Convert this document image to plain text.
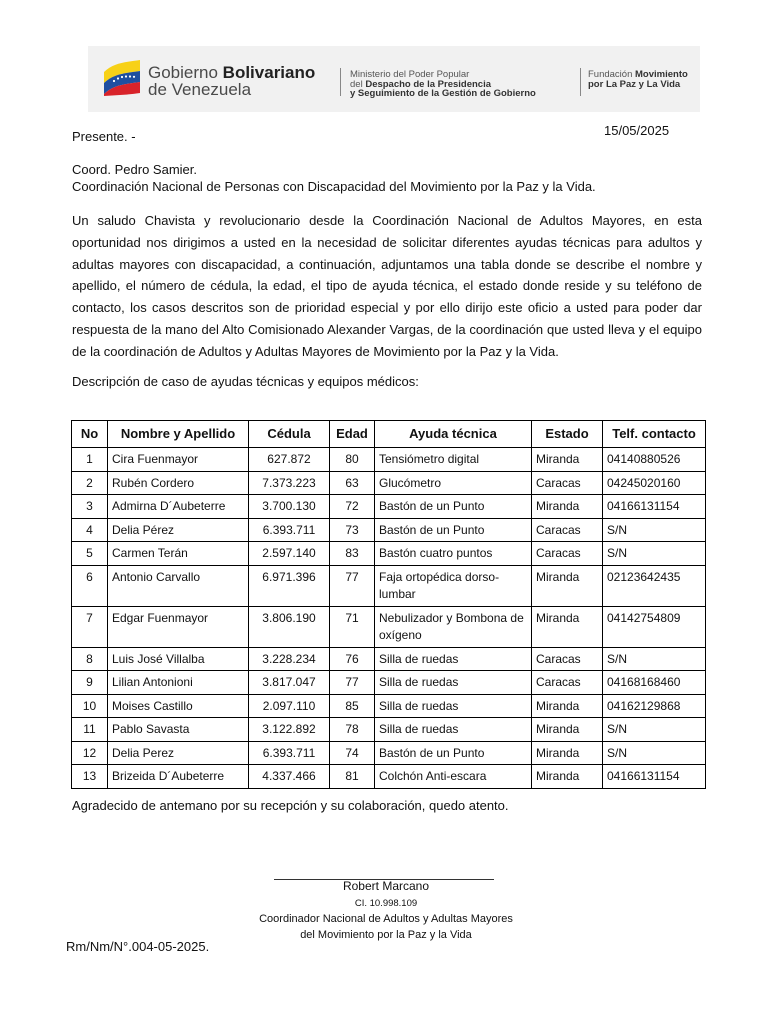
Gobierno Bolivariano
de Venezuela
Ministerio del Poder Popular
del Despacho de la Presidencia
y Seguimiento de la Gestión de Gobierno
Fundación Movimiento
por La Paz y La Vida
Presente. -	15/05/2025
Coord. Pedro Samier.
Coordinación Nacional de Personas con Discapacidad del Movimiento por la Paz y la Vida.
Un saludo Chavista y revolucionario desde la Coordinación Nacional de Adultos Mayores, en esta oportunidad nos dirigimos a usted en la necesidad de solicitar diferentes ayudas técnicas para adultos y adultas mayores con discapacidad, a continuación, adjuntamos una tabla donde se describe el nombre y apellido, el número de cédula, la edad, el tipo de ayuda técnica, el estado donde reside y su teléfono de contacto, los casos descritos son de prioridad especial y por ello dirijo este oficio a usted para poder dar respuesta de la mano del Alto Comisionado Alexander Vargas, de la coordinación que usted lleva y el equipo de la coordinación de Adultos y Adultas Mayores de Movimiento por la Paz y la Vida.
Descripción de caso de ayudas técnicas y equipos médicos:
No	Nombre y Apellido	Cédula	Edad	Ayuda técnica	Estado	Telf. contacto
1	Cira Fuenmayor	627.872	80	Tensiómetro digital	Miranda	04140880526
2	Rubén Cordero	7.373.223	63	Glucómetro	Caracas	04245020160
3	Admirna D´Aubeterre	3.700.130	72	Bastón de un Punto	Miranda	04166131154
4	Delia Pérez	6.393.711	73	Bastón de un Punto	Caracas	S/N
5	Carmen Terán	2.597.140	83	Bastón cuatro puntos	Caracas	S/N
6	Antonio Carvallo	6.971.396	77	Faja ortopédica dorso-lumbar	Miranda	02123642435
7	Edgar Fuenmayor	3.806.190	71	Nebulizador y Bombona de oxígeno	Miranda	04142754809
8	Luis José Villalba	3.228.234	76	Silla de ruedas	Caracas	S/N
9	Lilian Antonioni	3.817.047	77	Silla de ruedas	Caracas	04168168460
10	Moises Castillo	2.097.110	85	Silla de ruedas	Miranda	04162129868
11	Pablo Savasta	3.122.892	78	Silla de ruedas	Miranda	S/N
12	Delia Perez	6.393.711	74	Bastón de un Punto	Miranda	S/N
13	Brizeida D´Aubeterre	4.337.466	81	Colchón Anti-escara	Miranda	04166131154
Agradecido de antemano por su recepción y su colaboración, quedo atento.
Robert Marcano
CI. 10.998.109
Coordinador Nacional de Adultos y Adultas Mayores
del Movimiento por la Paz y la Vida
Rm/Nm/N°.004-05-2025.
